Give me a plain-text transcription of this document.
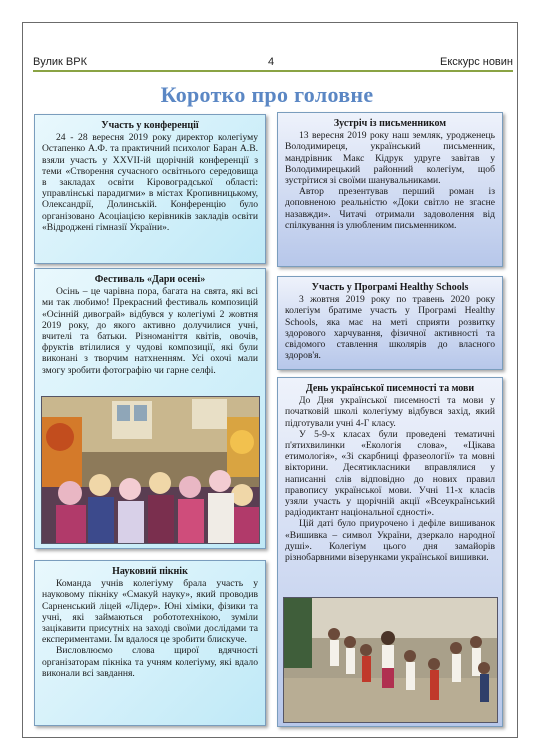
Вулик ВРК	4	Екскурс новин
Коротко про головне
Участь у конференції

24 - 28 вересня 2019 року директор колегіуму Остапенко А.Ф. та практичний психолог Баран А.В. взяли участь у XXVII-ій щорічній конференції з теми «Створення сучасного освітнього середовища в закладах освіти Кіровоградської області: управлінські парадигми» в містах Кропивницькому, Олександрії, Долинській. Конференцію було організовано Асоціацією керівників закладів освіти «Відроджені гімназії України».

Зустріч із письменником

13 вересня 2019 року наш земляк, уродженець Володимиреця, український письменник, мандрівник Макс Кідрук удруге завітав у Володимирецький районний колегіум, щоб зустрітися зі своїми шанувальниками.

Автор презентував перший роман із доповненою реальністю «Доки світло не згасне назавжди». Читачі отримали задоволення від спілкування із улюбленим письменником.

Фестиваль «Дари осені»

Осінь – це чарівна пора, багата на свята, які всі ми так любимо! Прекрасний фестиваль композицій «Осінній дивограй» відбувся у колегіумі 2 жовтня 2019 року, до якого активно долучилися учні, вчителі та батьки. Різноманіття квітів, овочів, фруктів втілилися у чудові композиції, які були виконані з творчим натхненням. Усі охочі мали змогу зробити фотографію чи гарне селфі.

Участь у Програмі Healthy Schools

3 жовтня 2019 року по травень 2020 року колегіум братиме участь у Програмі Healthy Schools, яка має на меті сприяти розвитку здорового харчування, фізичної активності та свідомого ставлення школярів до власного здоров'я.

День української писемності та мови

До Дня української писемності та мови у початковій школі колегіуму відбувся захід, який підготували учні 4-Г класу.

У 5-9-х класах були проведені тематичні п'ятихвилинки «Екологія слова», «Цікава етимологія», «Зі скарбниці фразеології» та мовні вікторини. Десятикласники вправлялися у написанні слів відповідно до нових правил правопису української мови. Учні 11-х класів узяли участь у щорічній акції «Всеукраїнський радіодиктант національної єдності».

Цій даті було приурочено і дефіле вишиванок «Вишивка – символ України, дзеркало народної душі». Колегіум цього дня замайорів різнобарвними візерунками української вишивки.

Науковий пікнік

Команда учнів колегіуму брала участь у науковому пікніку «Смакуй науку», який проводив Сарненський ліцей «Лідер». Юні хіміки, фізики та учні, які займаються робототехнікою, зуміли зацікавити присутніх на заході своїми дослідами та експериментами. Їм вдалося це зробити блискуче.

Висловлюємо слова щирої вдячності організаторам пікніка та учням колегіуму, які вдало виконали всі завдання.
